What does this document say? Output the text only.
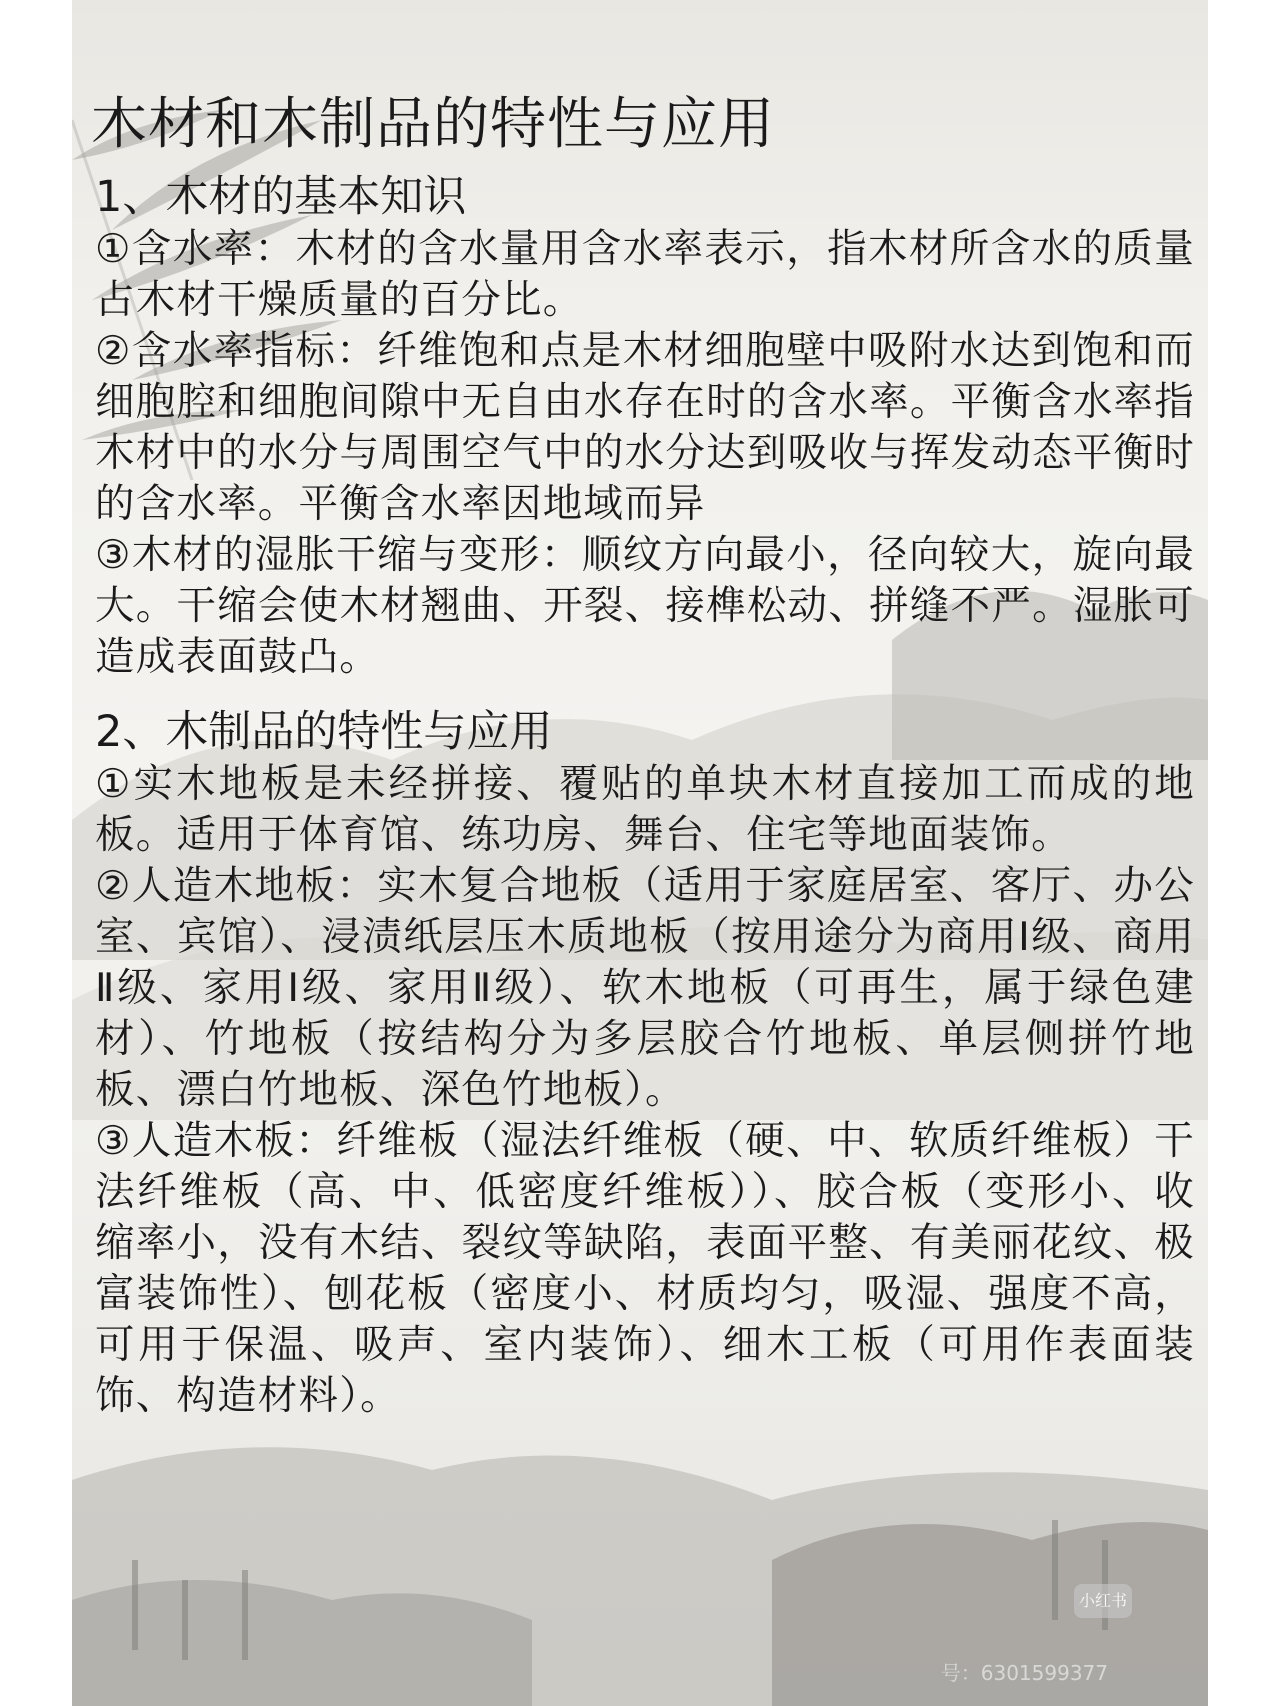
小红书
号：6301599377
木材和木制品的特性与应用
1、木材的基本知识

①含水率：木材的含水量用含水率表示，指木材所含水的质量占木材干燥质量的百分比。

②含水率指标：纤维饱和点是木材细胞壁中吸附水达到饱和而细胞腔和细胞间隙中无自由水存在时的含水率。平衡含水率指木材中的水分与周围空气中的水分达到吸收与挥发动态平衡时的含水率。平衡含水率因地域而异

③木材的湿胀干缩与变形：顺纹方向最小，径向较大，旋向最大。干缩会使木材翘曲、开裂、接榫松动、拼缝不严。湿胀可造成表面鼓凸。

2、木制品的特性与应用

①实木地板是未经拼接、覆贴的单块木材直接加工而成的地板。适用于体育馆、练功房、舞台、住宅等地面装饰。

②人造木地板：实木复合地板（适用于家庭居室、客厅、办公室、宾馆）、浸渍纸层压木质地板（按用途分为商用Ⅰ级、商用Ⅱ级、家用Ⅰ级、家用Ⅱ级）、软木地板（可再生，属于绿色建材）、竹地板（按结构分为多层胶合竹地板、单层侧拼竹地板、漂白竹地板、深色竹地板）。

③人造木板：纤维板（湿法纤维板（硬、中、软质纤维板）干法纤维板（高、中、低密度纤维板））、胶合板（变形小、收缩率小，没有木结、裂纹等缺陷，表面平整、有美丽花纹、极富装饰性）、刨花板（密度小、材质均匀，吸湿、强度不高，可用于保温、吸声、室内装饰）、细木工板（可用作表面装饰、构造材料）。
